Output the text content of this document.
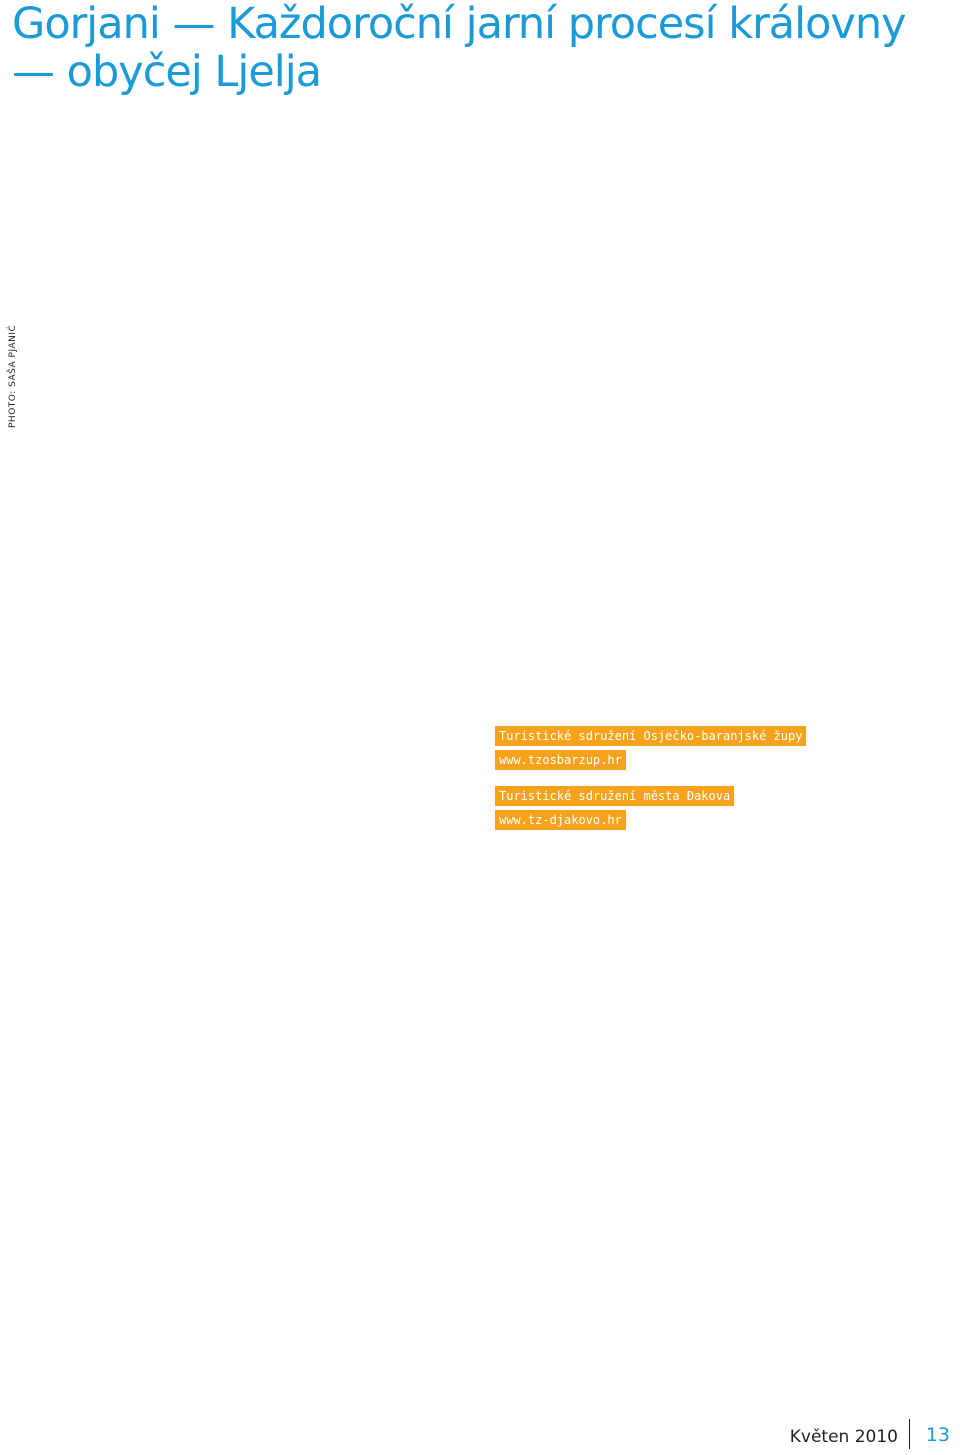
Gorjani — Každoroční jarní procesí královny — obyčej Ljelja
PHOTO: SAŠA PJANIĆ

Turistické sdružení Osječko-baranjské župy
www.tzosbarzup.hr
Turistické sdružení města Đakova
www.tz-djakovo.hr
Květen 2010 13
